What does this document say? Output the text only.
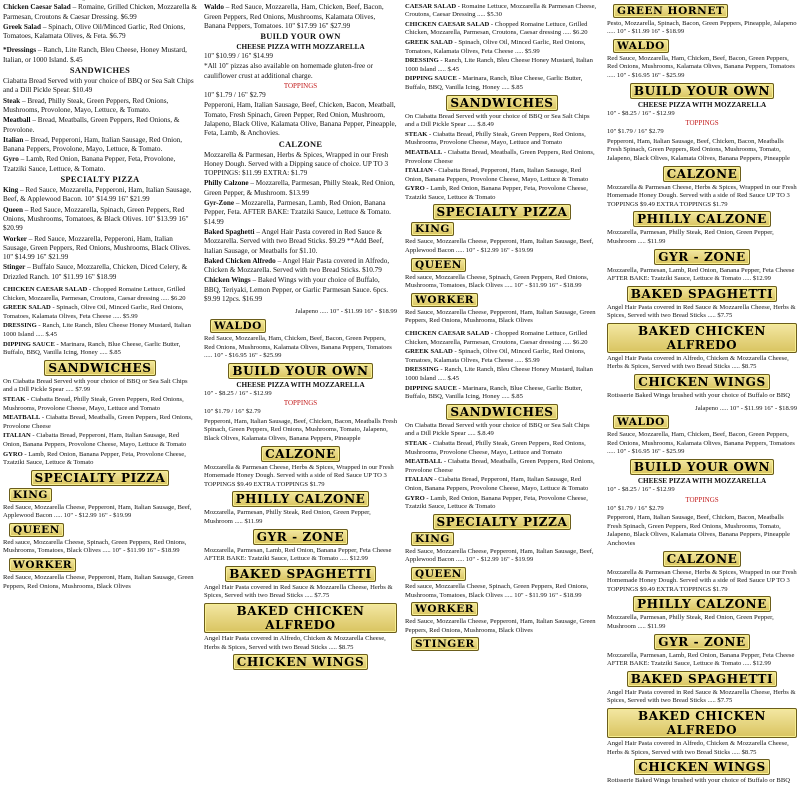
Chicken Caesar Salad – Romaine, Grilled Chicken, Mozzarella & Parmesan, Croutons & Caesar Dressing. $6.99

Greek Salad – Spinach, Olive Oil/Minced Garlic, Red Onions, Tomatoes, Kalamata Olives, & Feta. $6.79

*Dressings – Ranch, Lite Ranch, Bleu Cheese, Honey Mustard, Italian, or 1000 Island. $.45

SANDWICHES

Ciabatta Bread Served with your choice of BBQ or Sea Salt Chips and a Dill Pickle Spear. $10.49

Steak – Bread, Philly Steak, Green Peppers, Red Onions, Mushrooms, Provolone, Mayo, Lettuce, & Tomato.

Meatball – Bread, Meatballs, Green Peppers, Red Onions, & Provolone.

Italian – Bread, Pepperoni, Ham, Italian Sausage, Red Onion, Banana Peppers, Provolone, Mayo, Lettuce, & Tomato.

Gyro – Lamb, Red Onion, Banana Pepper, Feta, Provolone, Tzatziki Sauce, Lettuce, & Tomato.

SPECIALTY PIZZA

King – Red Sauce, Mozzarella, Pepperoni, Ham, Italian Sausage, Beef, & Applewood Bacon. 10" $14.99 16" $21.99

Queen – Red Sauce, Mozzarella, Spinach, Green Peppers, Red Onions, Mushrooms, Tomatoes, & Black Olives. 10" $13.99 16" $20.99

Worker – Red Sauce, Mozzarella, Pepperoni, Ham, Italian Sausage, Green Peppers, Red Onions, Mushrooms, Black Olives. 10" $14.99 16" $21.99

Stinger – Buffalo Sauce, Mozzarella, Chicken, Diced Celery, & Drizzled Ranch. 10" $11.99 16" $18.99

CHICKEN CAESAR SALAD - Chopped Romaine Lettuce, Grilled Chicken, Mozzarella, Parmesan, Croutons, Caesar dressing ..... $6.20

GREEK SALAD - Spinach, Olive Oil, Minced Garlic, Red Onions, Tomatoes, Kalamata Olives, Feta Cheese ..... $5.99

DRESSING - Ranch, Lite Ranch, Bleu Cheese Honey Mustard, Italian 1000 Island ..... $.45

DIPPING SAUCE - Marinara, Ranch, Blue Cheese, Garlic Butter, Buffalo, BBQ, Vanilla Icing, Honey ..... $.85

SANDWICHES

On Ciabatta Bread Served with your choice of BBQ or Sea Salt Chips and a Dill Pickle Spear ..... $7.99

STEAK - Ciabatta Bread, Philly Steak, Green Peppers, Red Onions, Mushrooms, Provolone Cheese, Mayo, Lettuce and Tomato

MEATBALL - Ciabatta Bread, Meatballs, Green Peppers, Red Onions, Provolone Cheese

ITALIAN - Ciabatta Bread, Pepperoni, Ham, Italian Sausage, Red Onion, Banana Peppers, Provolone Cheese, Mayo, Lettuce & Tomato

GYRO - Lamb, Red Onion, Banana Pepper, Feta, Provolone Cheese, Tzatziki Sauce, Lettuce & Tomato

SPECIALTY PIZZA
KING

Red Sauce, Mozzarella Cheese, Pepperoni, Ham, Italian Sausage, Beef, Applewood Bacon ..... 10" - $12.99 16" - $19.99

QUEEN

Red sauce, Mozzarella Cheese, Spinach, Green Peppers, Red Onions, Mushrooms, Tomatoes, Black Olives ..... 10" - $11.99 16" - $18.99

WORKER

Red Sauce, Mozzarella Cheese, Pepperoni, Ham, Italian Sausage, Green Peppers, Red Onions, Mushrooms, Black Olives

Waldo – Red Sauce, Mozzarella, Ham, Chicken, Beef, Bacon, Green Peppers, Red Onions, Mushrooms, Kalamata Olives, Banana Peppers, Tomatoes. 10" $17.99 16" $27.99

BUILD YOUR OWN
CHEESE PIZZA WITH MOZZARELLA

10" $10.99 / 16" $14.99

*All 10" pizzas also available on homemade gluten-free or cauliflower crust at additional charge.

TOPPINGS

10" $1.79 / 16" $2.79

Pepperoni, Ham, Italian Sausage, Beef, Chicken, Bacon, Meatball, Tomato, Fresh Spinach, Green Pepper, Red Onion, Mushroom, Jalapeno, Black Olive, Kalamata Olive, Banana Pepper, Pineapple, Feta, Lamb, & Anchovies.

CALZONE

Mozzarella & Parmesan, Herbs & Spices, Wrapped in our Fresh Honey Dough. Served with a Dipping sauce of choice. UP TO 3 TOPPINGS: $11.99 EXTRA: $1.79

Philly Calzone – Mozzarella, Parmesan, Philly Steak, Red Onion, Green Pepper, & Mushroom. $13.99

Gyr-Zone – Mozzarella, Parmesan, Lamb, Red Onion, Banana Pepper, Feta. AFTER BAKE: Tzatziki Sauce, Lettuce & Tomato. $14.99

Baked Spaghetti – Angel Hair Pasta covered in Red Sauce & Mozzarella. Served with two Bread Sticks. $9.29 **Add Beef, Italian Sausage, or Meatballs for $1.10.

Baked Chicken Alfredo – Angel Hair Pasta covered in Alfredo, Chicken & Mozzarella. Served with two Bread Sticks. $10.79

Chicken Wings – Baked Wings with your choice of Buffalo, BBQ, Teriyaki, Lemon Pepper, or Garlic Parmesan Sauce. 6pcs. $9.99 12pcs. $16.99

Jalapeno ..... 10" - $11.99 16" - $18.99

WALDO

Red Sauce, Mozzarella, Ham, Chicken, Beef, Bacon, Green Peppers, Red Onions, Mushrooms, Kalamata Olives, Banana Peppers, Tomatoes ..... 10" - $16.95 16" - $25.99

BUILD YOUR OWN
CHEESE PIZZA WITH MOZZARELLA

10" - $8.25 / 16" - $12.99

TOPPINGS

10" $1.79 / 16" $2.79

Pepperoni, Ham, Italian Sausage, Beef, Chicken, Bacon, Meatballs Fresh Spinach, Green Peppers, Red Onions, Mushrooms, Tomato, Jalapeno, Black Olives, Kalamata Olives, Banana Peppers, Pineapple

CALZONE

Mozzarella & Parmesan Cheese, Herbs & Spices, Wrapped in our Fresh Homemade Honey Dough. Served with a side of Red Sauce UP TO 3 TOPPINGS $9.49 EXTRA TOPPINGS $1.79

PHILLY CALZONE

Mozzarella, Parmesan, Philly Steak, Red Onion, Green Pepper, Mushroom ..... $11.99

GYR - ZONE

Mozzarella, Parmesan, Lamb, Red Onion, Banana Pepper, Feta Cheese AFTER BAKE: Tzatziki Sauce, Lettuce & Tomato ..... $12.99

BAKED SPAGHETTI

Angel Hair Pasta covered in Red Sauce & Mozzarella Cheese, Herbs & Spices, Served with two Bread Sticks ..... $7.75

BAKED CHICKEN ALFREDO

Angel Hair Pasta covered in Alfredo, Chicken & Mozzarella Cheese, Herbs & Spices, Served with two Bread Sticks ..... $8.75

CHICKEN WINGS

CAESAR SALAD - Romaine Lettuce, Mozzarella & Parmesan Cheese, Croutons, Caesar Dressing ..... $5.30

CHICKEN CAESAR SALAD - Chopped Romaine Lettuce, Grilled Chicken, Mozzarella, Parmesan, Croutons, Caesar dressing ..... $6.20

GREEK SALAD - Spinach, Olive Oil, Minced Garlic, Red Onions, Tomatoes, Kalamata Olives, Feta Cheese ..... $5.99

DRESSING - Ranch, Lite Ranch, Bleu Cheese Honey Mustard, Italian 1000 Island ..... $.45

DIPPING SAUCE - Marinara, Ranch, Blue Cheese, Garlic Butter, Buffalo, BBQ, Vanilla Icing, Honey ..... $.85

SANDWICHES

On Ciabatta Bread Served with your choice of BBQ or Sea Salt Chips and a Dill Pickle Spear ..... $.8.49

STEAK - Ciabatta Bread, Philly Steak, Green Peppers, Red Onions, Mushrooms, Provolone Cheese, Mayo, Lettuce and Tomato

MEATBALL - Ciabatta Bread, Meatballs, Green Peppers, Red Onions, Provolone Cheese

ITALIAN - Ciabatta Bread, Pepperoni, Ham, Italian Sausage, Red Onion, Banana Peppers, Provolone Cheese, Mayo, Lettuce & Tomato

GYRO - Lamb, Red Onion, Banana Pepper, Feta, Provolone Cheese, Tzatziki Sauce, Lettuce & Tomato

SPECIALTY PIZZA
KING

Red Sauce, Mozzarella Cheese, Pepperoni, Ham, Italian Sausage, Beef, Applewood Bacon ..... 10" - $12.99 16" - $19.99

QUEEN

Red sauce, Mozzarella Cheese, Spinach, Green Peppers, Red Onions, Mushrooms, Tomatoes, Black Olives ..... 10" - $11.99 16" - $18.99

WORKER

Red Sauce, Mozzarella Cheese, Pepperoni, Ham, Italian Sausage, Green Peppers, Red Onions, Mushrooms, Black Olives

CHICKEN CAESAR SALAD - Chopped Romaine Lettuce, Grilled Chicken, Mozzarella, Parmesan, Croutons, Caesar dressing ..... $6.20

GREEK SALAD - Spinach, Olive Oil, Minced Garlic, Red Onions, Tomatoes, Kalamata Olives, Feta Cheese ..... $5.99

DRESSING - Ranch, Lite Ranch, Bleu Cheese Honey Mustard, Italian 1000 Island ..... $.45

DIPPING SAUCE - Marinara, Ranch, Blue Cheese, Garlic Butter, Buffalo, BBQ, Vanilla Icing, Honey ..... $.85

SANDWICHES

On Ciabatta Bread Served with your choice of BBQ or Sea Salt Chips and a Dill Pickle Spear ..... $.8.49

STEAK - Ciabatta Bread, Philly Steak, Green Peppers, Red Onions, Mushrooms, Provolone Cheese, Mayo, Lettuce and Tomato

MEATBALL - Ciabatta Bread, Meatballs, Green Peppers, Red Onions, Provolone Cheese

ITALIAN - Ciabatta Bread, Pepperoni, Ham, Italian Sausage, Red Onion, Banana Peppers, Provolone Cheese, Mayo, Lettuce & Tomato

GYRO - Lamb, Red Onion, Banana Pepper, Feta, Provolone Cheese, Tzatziki Sauce, Lettuce & Tomato

SPECIALTY PIZZA
KING

Red Sauce, Mozzarella Cheese, Pepperoni, Ham, Italian Sausage, Beef, Applewood Bacon ..... 10" - $12.99 16" - $19.99

QUEEN

Red sauce, Mozzarella Cheese, Spinach, Green Peppers, Red Onions, Mushrooms, Tomatoes, Black Olives ..... 10" - $11.99 16" - $18.99

WORKER

Red Sauce, Mozzarella Cheese, Pepperoni, Ham, Italian Sausage, Green Peppers, Red Onions, Mushrooms, Black Olives

STINGER

GREEN HORNET

Pesto, Mozzarella, Spinach, Bacon, Green Peppers, Pineapple, Jalapeno ..... 10" - $11.99 16" - $18.99

WALDO

Red Sauce, Mozzarella, Ham, Chicken, Beef, Bacon, Green Peppers, Red Onions, Mushrooms, Kalamata Olives, Banana Peppers, Tomatoes ..... 10" - $16.95 16" - $25.99

BUILD YOUR OWN
CHEESE PIZZA WITH MOZZARELLA

10" - $8.25 / 16" - $12.99

TOPPINGS

10" $1.79 / 16" $2.79

Pepperoni, Ham, Italian Sausage, Beef, Chicken, Bacon, Meatballs Fresh Spinach, Green Peppers, Red Onions, Mushrooms, Tomato, Jalapeno, Black Olives, Kalamata Olives, Banana Peppers, Pineapple

CALZONE

Mozzarella & Parmesan Cheese, Herbs & Spices, Wrapped in our Fresh Homemade Honey Dough. Served with a side of Red Sauce UP TO 3 TOPPINGS $9.49 EXTRA TOPPINGS $1.79

PHILLY CALZONE

Mozzarella, Parmesan, Philly Steak, Red Onion, Green Pepper, Mushroom ..... $11.99

GYR - ZONE

Mozzarella, Parmesan, Lamb, Red Onion, Banana Pepper, Feta Cheese AFTER BAKE: Tzatziki Sauce, Lettuce & Tomato ..... $12.99

BAKED SPAGHETTI

Angel Hair Pasta covered in Red Sauce & Mozzarella Cheese, Herbs & Spices, Served with two Bread Sticks ..... $7.75

BAKED CHICKEN ALFREDO

Angel Hair Pasta covered in Alfredo, Chicken & Mozzarella Cheese, Herbs & Spices, Served with two Bread Sticks ..... $8.75

CHICKEN WINGS

Rotisserie Baked Wings brushed with your choice of Buffalo or BBQ

Jalapeno ..... 10" - $11.99 16" - $18.99

WALDO

Red Sauce, Mozzarella, Ham, Chicken, Beef, Bacon, Green Peppers, Red Onions, Mushrooms, Kalamata Olives, Banana Peppers, Tomatoes ..... 10" - $16.95 16" - $25.99

BUILD YOUR OWN
CHEESE PIZZA WITH MOZZARELLA

10" - $8.25 / 16" - $12.99

TOPPINGS

10" $1.79 / 16" $2.79

Pepperoni, Ham, Italian Sausage, Beef, Chicken, Bacon, Meatballs Fresh Spinach, Green Peppers, Red Onions, Mushrooms, Tomato, Jalapeno, Black Olives, Kalamata Olives, Banana Peppers, Pineapple Anchovies

CALZONE

Mozzarella & Parmesan Cheese, Herbs & Spices, Wrapped in our Fresh Homemade Honey Dough. Served with a side of Red Sauce UP TO 3 TOPPINGS $9.49 EXTRA TOPPINGS $1.79

PHILLY CALZONE

Mozzarella, Parmesan, Philly Steak, Red Onion, Green Pepper, Mushroom ..... $11.99

GYR - ZONE

Mozzarella, Parmesan, Lamb, Red Onion, Banana Pepper, Feta Cheese AFTER BAKE: Tzatziki Sauce, Lettuce & Tomato ..... $12.99

BAKED SPAGHETTI

Angel Hair Pasta covered in Red Sauce & Mozzarella Cheese, Herbs & Spices, Served with two Bread Sticks ..... $7.75

BAKED CHICKEN ALFREDO

Angel Hair Pasta covered in Alfredo, Chicken & Mozzarella Cheese, Herbs & Spices, Served with two Bread Sticks ..... $8.75

CHICKEN WINGS

Rotisserie Baked Wings brushed with your choice of Buffalo or BBQ
